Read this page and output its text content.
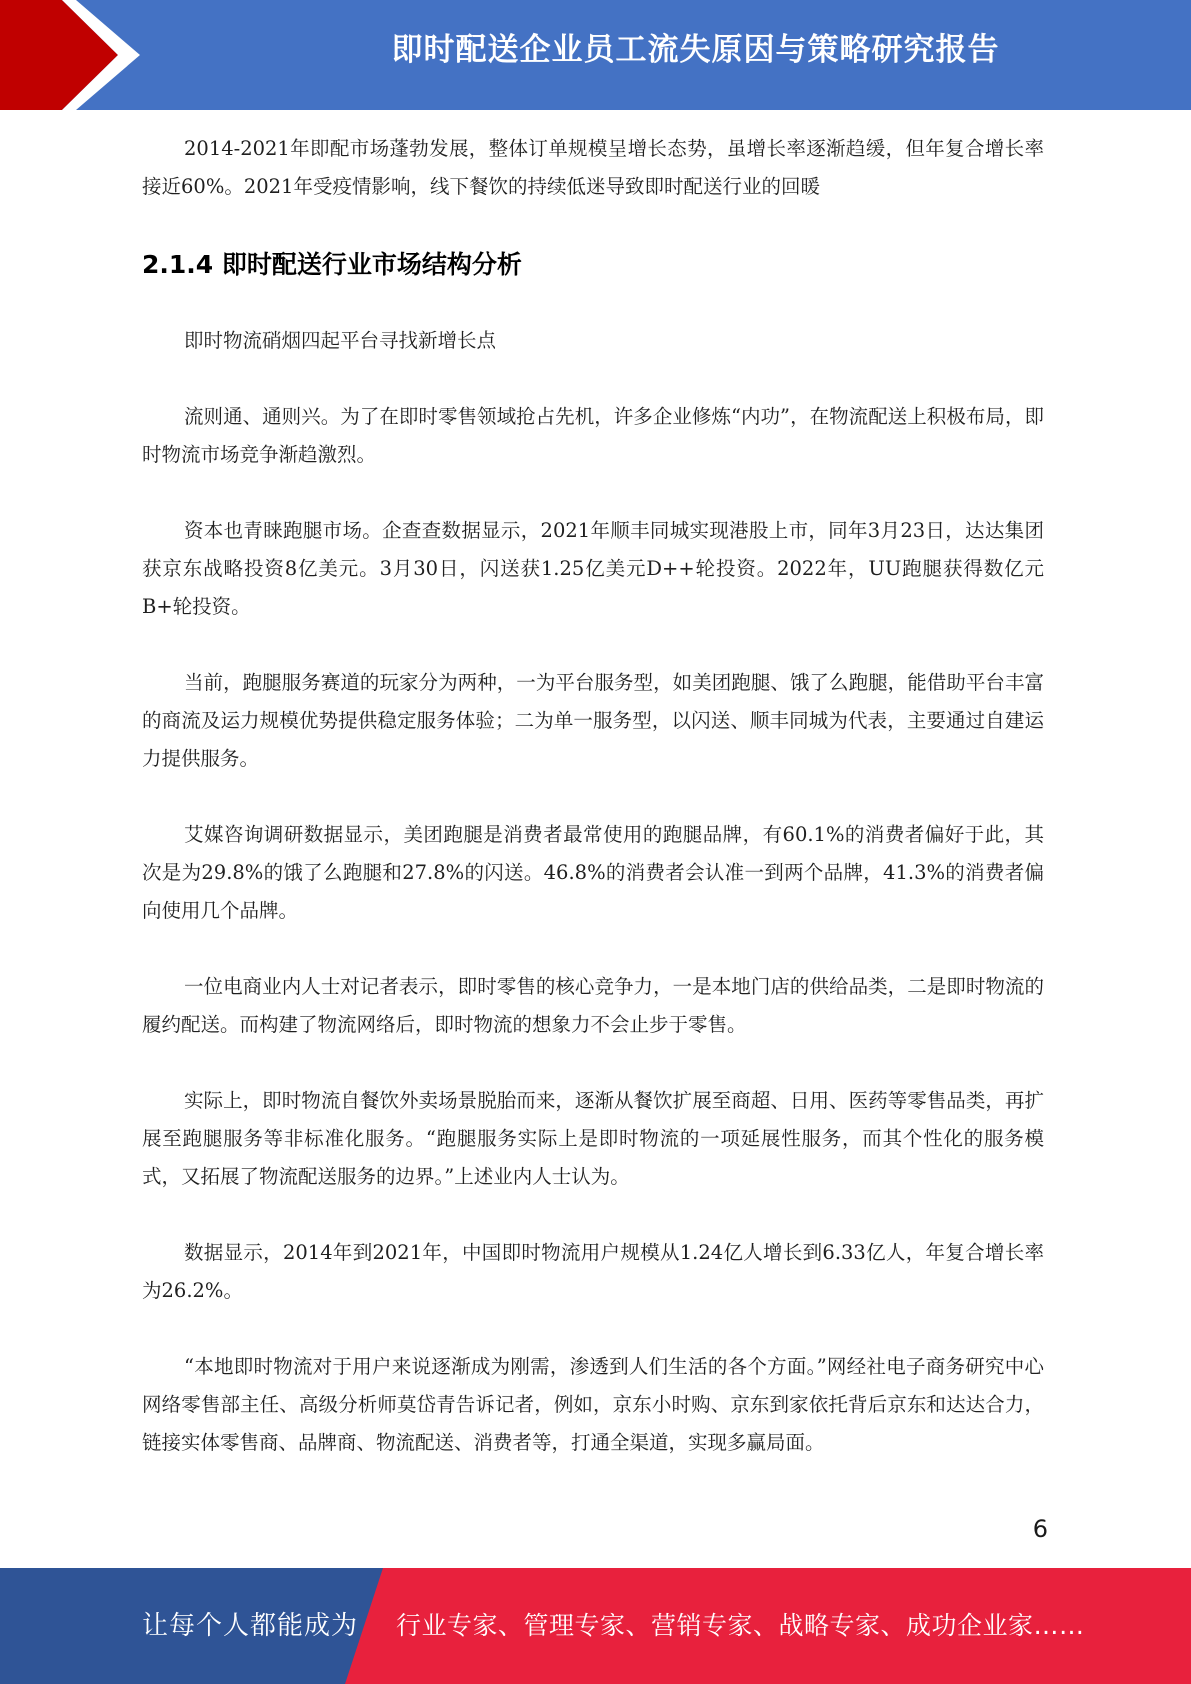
即时配送企业员工流失原因与策略研究报告

2014-2021年即配市场蓬勃发展，整体订单规模呈增长态势，虽增长率逐渐趋缓，但年复合增长率接近60%。2021年受疫情影响，线下餐饮的持续低迷导致即时配送行业的回暖

2.1.4 即时配送行业市场结构分析

即时物流硝烟四起平台寻找新增长点

流则通、通则兴。为了在即时零售领域抢占先机，许多企业修炼“内功”，在物流配送上积极布局，即时物流市场竞争渐趋激烈。

资本也青睐跑腿市场。企查查数据显示，2021年顺丰同城实现港股上市，同年3月23日，达达集团获京东战略投资8亿美元。3月30日，闪送获1.25亿美元D++轮投资。2022年，UU跑腿获得数亿元B+轮投资。

当前，跑腿服务赛道的玩家分为两种，一为平台服务型，如美团跑腿、饿了么跑腿，能借助平台丰富的商流及运力规模优势提供稳定服务体验；二为单一服务型，以闪送、顺丰同城为代表，主要通过自建运力提供服务。

艾媒咨询调研数据显示，美团跑腿是消费者最常使用的跑腿品牌，有60.1%的消费者偏好于此，其次是为29.8%的饿了么跑腿和27.8%的闪送。46.8%的消费者会认准一到两个品牌，41.3%的消费者偏向使用几个品牌。

一位电商业内人士对记者表示，即时零售的核心竞争力，一是本地门店的供给品类，二是即时物流的履约配送。而构建了物流网络后，即时物流的想象力不会止步于零售。

实际上，即时物流自餐饮外卖场景脱胎而来，逐渐从餐饮扩展至商超、日用、医药等零售品类，再扩展至跑腿服务等非标准化服务。“跑腿服务实际上是即时物流的一项延展性服务，而其个性化的服务模式，又拓展了物流配送服务的边界。”上述业内人士认为。

数据显示，2014年到2021年，中国即时物流用户规模从1.24亿人增长到6.33亿人，年复合增长率为26.2%。

“本地即时物流对于用户来说逐渐成为刚需，渗透到人们生活的各个方面。”网经社电子商务研究中心网络零售部主任、高级分析师莫岱青告诉记者，例如，京东小时购、京东到家依托背后京东和达达合力，链接实体零售商、品牌商、物流配送、消费者等，打通全渠道，实现多赢局面。

6
让每个人都能成为 行业专家、管理专家、营销专家、战略专家、成功企业家……
